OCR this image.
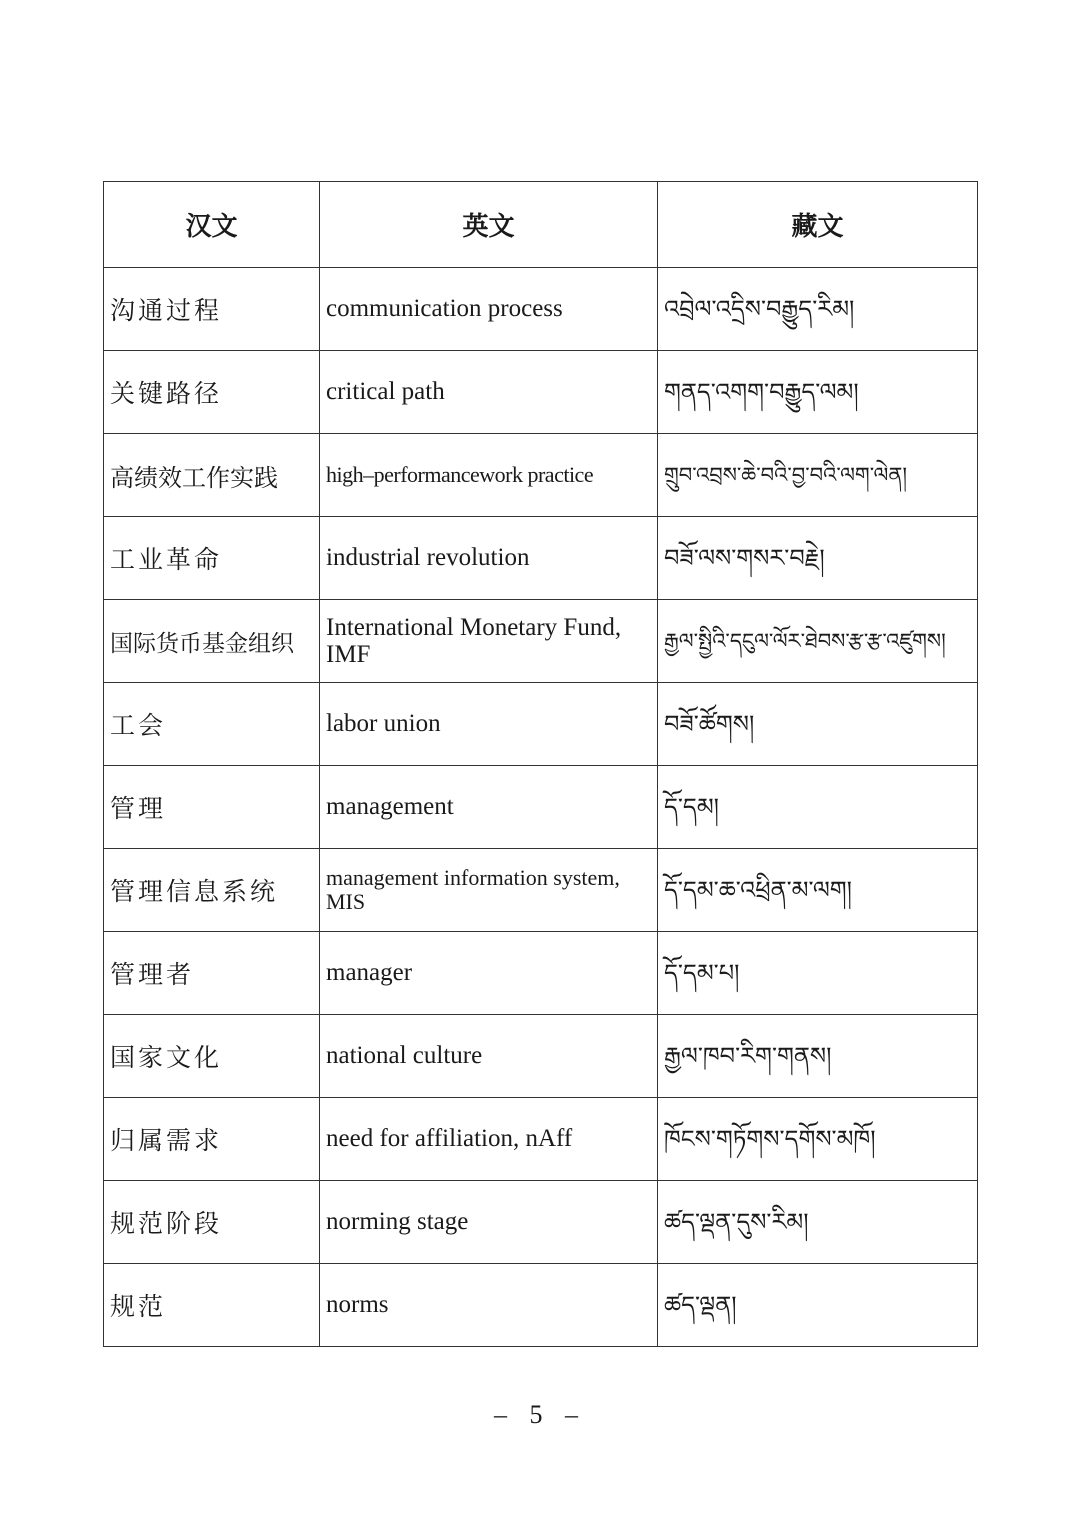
汉文	英文	藏文
沟通过程	communication process	འབྲེལ་འདྲིས་བརྒྱུད་རིམ།
关键路径	critical path	གནད་འགག་བརྒྱུད་ལམ།
高绩效工作实践	high–performancework practice	གྲུབ་འབྲས་ཆེ་བའི་བྱ་བའི་ལག་ལེན།
工业革命	industrial revolution	བཟོ་ལས་གསར་བརྗེ།
国际货币基金组织	International Monetary Fund, IMF	རྒྱལ་སྤྱིའི་དངུལ་ལོར་ཐེབས་རྩ་རྩ་འཛུགས།
工会	labor union	བཟོ་ཚོགས།
管理	management	དོ་དམ།
管理信息系统	management information system, MIS	དོ་དམ་ཆ་འཕྲིན་མ་ལག།
管理者	manager	དོ་དམ་པ།
国家文化	national culture	རྒྱལ་ཁབ་རིག་གནས།
归属需求	need for affiliation, nAff	ཁོངས་གཏོགས་དགོས་མཁོ།
规范阶段	norming stage	ཚད་ལྡན་དུས་རིམ།
规范	norms	ཚད་ལྡན།
– 5 –
